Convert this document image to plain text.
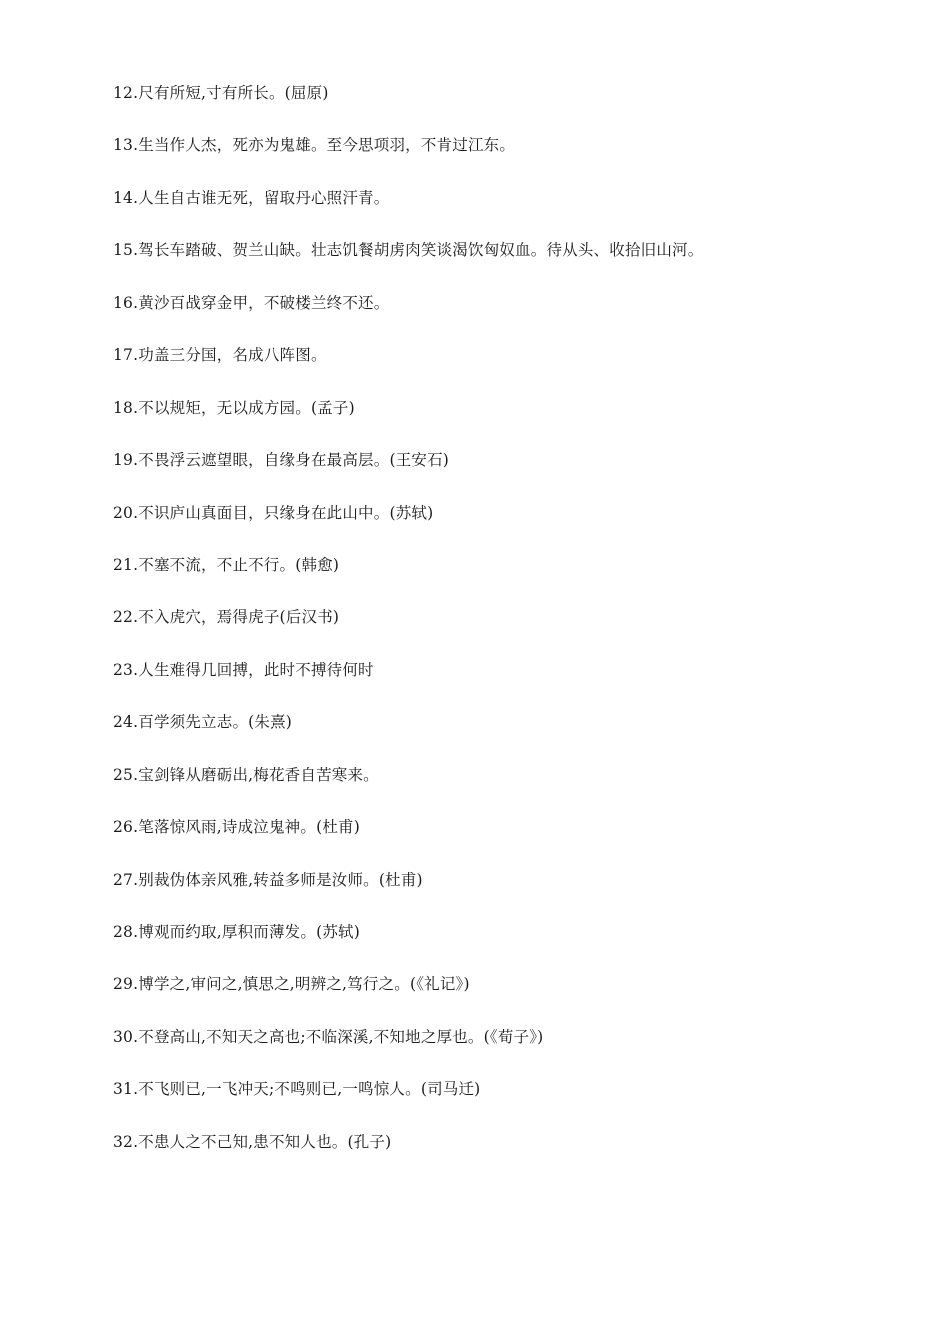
12.尺有所短,寸有所长。(屈原)
13.生当作人杰，死亦为鬼雄。至今思项羽，不肯过江东。
14.人生自古谁无死，留取丹心照汗青。
15.驾长车踏破、贺兰山缺。壮志饥餐胡虏肉笑谈渴饮匈奴血。待从头、收拾旧山河。
16.黄沙百战穿金甲，不破楼兰终不还。
17.功盖三分国，名成八阵图。
18.不以规矩，无以成方园。(孟子)
19.不畏浮云遮望眼，自缘身在最高层。(王安石)
20.不识庐山真面目，只缘身在此山中。(苏轼)
21.不塞不流，不止不行。(韩愈)
22.不入虎穴，焉得虎子(后汉书)
23.人生难得几回搏，此时不搏待何时
24.百学须先立志。(朱熹)
25.宝剑锋从磨砺出,梅花香自苦寒来。
26.笔落惊风雨,诗成泣鬼神。(杜甫)
27.别裁伪体亲风雅,转益多师是汝师。(杜甫)
28.博观而约取,厚积而薄发。(苏轼)
29.博学之,审问之,慎思之,明辨之,笃行之。(《礼记》)
30.不登高山,不知天之高也;不临深溪,不知地之厚也。(《荀子》)
31.不飞则已,一飞冲天;不鸣则已,一鸣惊人。(司马迁)
32.不患人之不己知,患不知人也。(孔子)
